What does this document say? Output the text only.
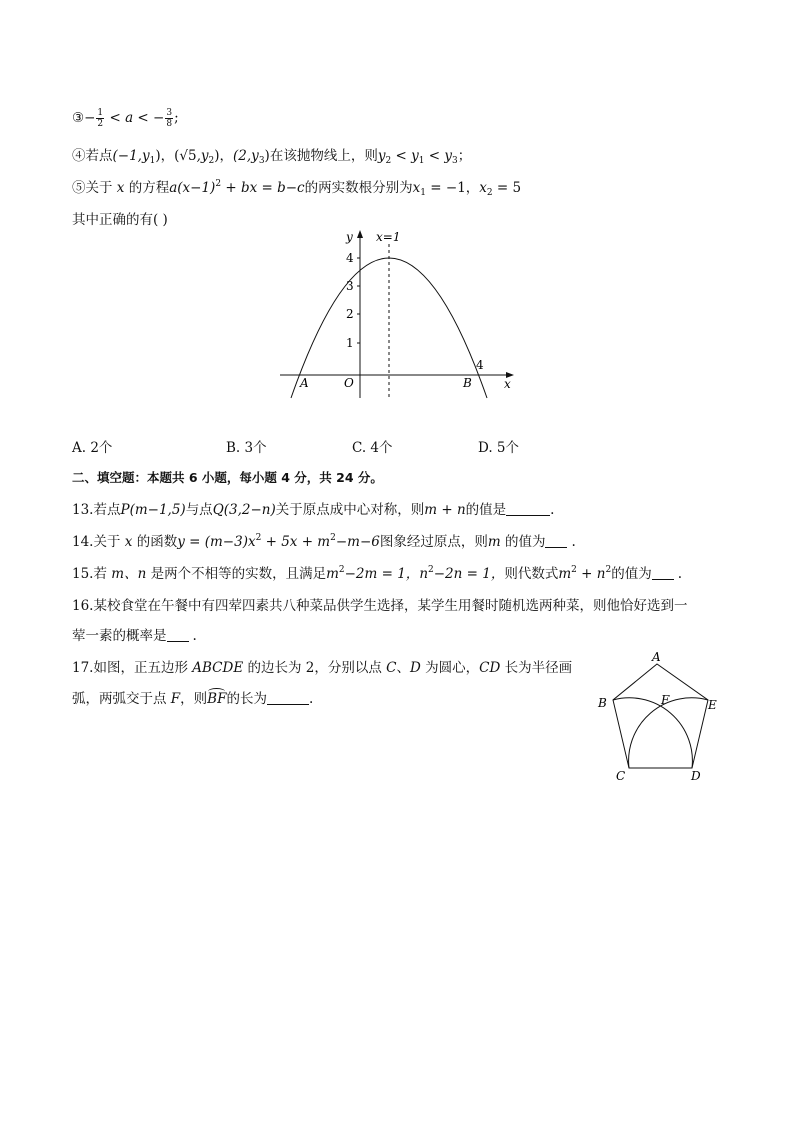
③− $\frac{1}{2} < a$ < − $\frac{3}{8}$ ;
④若点$(-1,y_1)$，$(√5,y_2)$，$(2,y_3)$在该抛物线上，则$y_2 < y_1 < y_3$；
⑤关于 x 的方程$a(x-1)^2$ + bx = b−c的两实数根分别为$x_1 = -1$，$x_2 = 5$
其中正确的有( )
y
x
x=1
4
3
2
1
O
A	B
4
A. 2个	B. 3个	C. 4个	D. 5个
二、填空题：本题共 6 小题，每小题 4 分，共 24 分。
13.若点P(m−1,5)与点Q(3,2−n)关于原点成中心对称，则m + n的值是	.
14.关于 x 的函数$y = (m-3)x^2 + 5x + m^2-m-6$图象经过原点，则m 的值为 .
15.若 m、n 是两个不相等的实数，且满足$m^2-2m = 1$，$n^2-2n = 1$，则代数式$m^2 + n^2$的值为 .
16.某校食堂在午餐中有四荤四素共八种菜品供学生选择，某学生用餐时随机选两种菜，则他恰好选到一
荤一素的概率是 .
17.如图，正五边形 ABCDE 的边长为 2，分别以点 C、D 为圆心，CD 长为半径画
弧，两弧交于点 F，则BF的长为	.
A
B
C	D
E
F
